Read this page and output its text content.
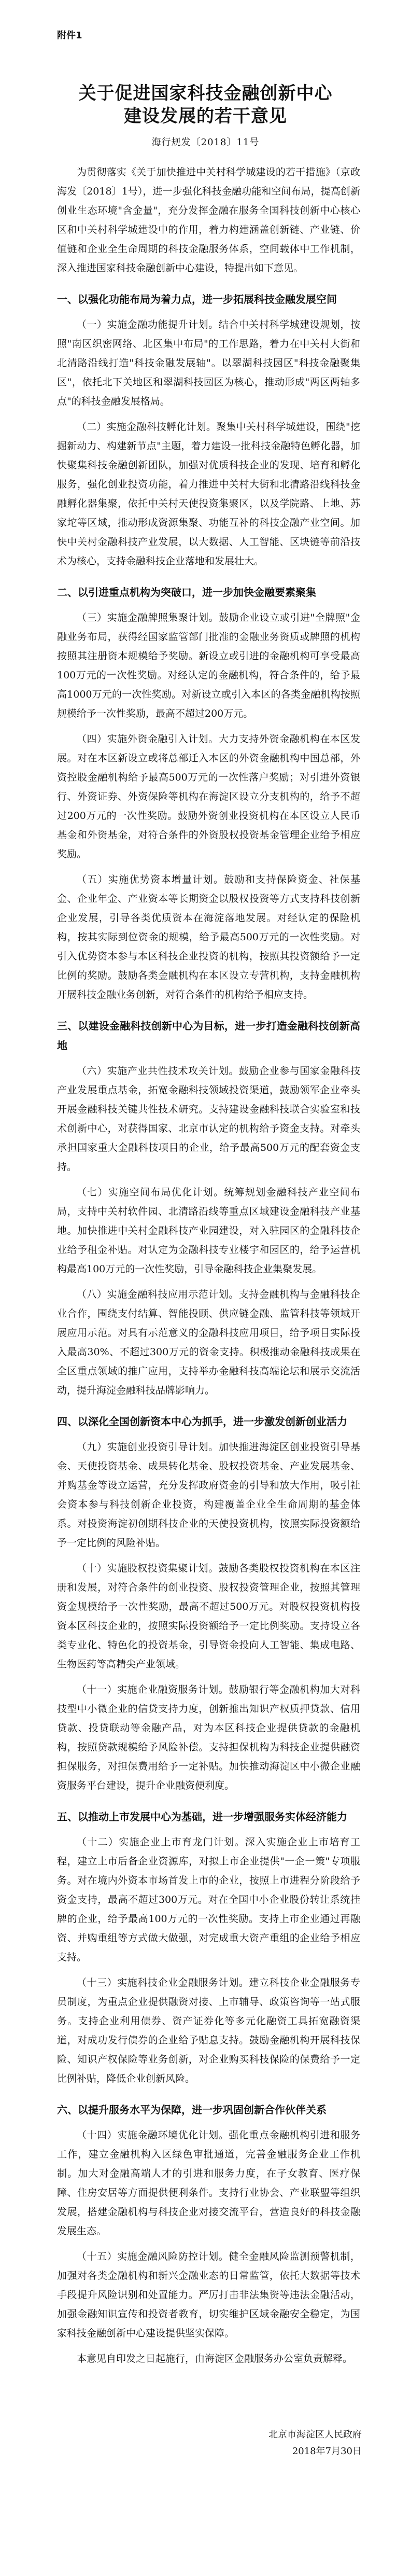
附件1
关于促进国家科技金融创新中心
建设发展的若干意见
海行规发〔2018〕11号

为贯彻落实《关于加快推进中关村科学城建设的若干措施》（京政海发〔2018〕1号），进一步强化科技金融功能和空间布局，提高创新创业生态环境"含金量"，充分发挥金融在服务全国科技创新中心核心区和中关村科学城建设中的作用，着力构建涵盖创新链、产业链、价值链和企业全生命周期的科技金融服务体系，空间载体中工作机制，深入推进国家科技金融创新中心建设，特提出如下意见。

一、以强化功能布局为着力点，进一步拓展科技金融发展空间

（一）实施金融功能提升计划。结合中关村科学城建设规划，按照"南区织密网络、北区集中布局"的工作思路，着力在中关村大街和北清路沿线打造"科技金融发展轴"。以翠湖科技园区"科技金融聚集区"，依托北下关地区和翠湖科技园区为核心，推动形成"两区两轴多点"的科技金融发展格局。

（二）实施金融科技孵化计划。聚集中关村科学城建设，围绕"挖掘新动力、构建新节点"主题，着力建设一批科技金融特色孵化器，加快聚集科技金融创新团队，加强对优质科技企业的发现、培育和孵化服务，强化创业投资功能，着力推进中关村大街和北清路沿线科技金融孵化器集聚，依托中关村天使投资集聚区，以及学院路、上地、苏家坨等区域，推动形成资源集聚、功能互补的科技金融产业空间。加快中关村金融科技产业发展，以大数据、人工智能、区块链等前沿技术为核心，支持金融科技企业落地和发展壮大。

二、以引进重点机构为突破口，进一步加快金融要素聚集

（三）实施金融牌照集聚计划。鼓励企业设立或引进"全牌照"金融业务布局，获得经国家监管部门批准的金融业务资质或牌照的机构按照其注册资本规模给予奖励。新设立或引进的金融机构可享受最高100万元的一次性奖励。对经认定的金融机构，符合条件的，给予最高1000万元的一次性奖励。对新设立或引入本区的各类金融机构按照规模给予一次性奖励，最高不超过200万元。

（四）实施外资金融引入计划。大力支持外资金融机构在本区发展。对在本区新设立或将总部迁入本区的外资金融机构中国总部，外资控股金融机构给予最高500万元的一次性落户奖励；对引进外资银行、外资证券、外资保险等机构在海淀区设立分支机构的，给予不超过200万元的一次性奖励。鼓励外资创业投资机构在本区设立人民币基金和外资基金，对符合条件的外资股权投资基金管理企业给予相应奖励。

（五）实施优势资本增量计划。鼓励和支持保险资金、社保基金、企业年金、产业资本等长期资金以股权投资等方式支持科技创新企业发展，引导各类优质资本在海淀落地发展。对经认定的保险机构，按其实际到位资金的规模，给予最高500万元的一次性奖励。对引入优势资本参与本区科技企业投资的机构，按照其投资额给予一定比例的奖励。鼓励各类金融机构在本区设立专营机构，支持金融机构开展科技金融业务创新，对符合条件的机构给予相应支持。

三、以建设金融科技创新中心为目标，进一步打造金融科技创新高地

（六）实施产业共性技术攻关计划。鼓励企业参与国家金融科技产业发展重点基金，拓宽金融科技领域投资渠道，鼓励领军企业牵头开展金融科技关键共性技术研究。支持建设金融科技联合实验室和技术创新中心，对获得国家、北京市认定的机构给予资金支持。对牵头承担国家重大金融科技项目的企业，给予最高500万元的配套资金支持。

（七）实施空间布局优化计划。统筹规划金融科技产业空间布局，支持中关村软件园、北清路沿线等重点区域建设金融科技产业基地。加快推进中关村金融科技产业园建设，对入驻园区的金融科技企业给予租金补贴。对认定为金融科技专业楼宇和园区的，给予运营机构最高100万元的一次性奖励，引导金融科技企业集聚发展。

（八）实施金融科技应用示范计划。支持金融机构与金融科技企业合作，围绕支付结算、智能投顾、供应链金融、监管科技等领域开展应用示范。对具有示范意义的金融科技应用项目，给予项目实际投入最高30%、不超过300万元的资金支持。积极推动金融科技成果在全区重点领域的推广应用，支持举办金融科技高端论坛和展示交流活动，提升海淀金融科技品牌影响力。

四、以深化全国创新资本中心为抓手，进一步激发创新创业活力

（九）实施创业投资引导计划。加快推进海淀区创业投资引导基金、天使投资基金、成果转化基金、股权投资基金、产业发展基金、并购基金等设立运营，充分发挥政府资金的引导和放大作用，吸引社会资本参与科技创新企业投资，构建覆盖企业全生命周期的基金体系。对投资海淀初创期科技企业的天使投资机构，按照实际投资额给予一定比例的风险补贴。

（十）实施股权投资集聚计划。鼓励各类股权投资机构在本区注册和发展，对符合条件的创业投资、股权投资管理企业，按照其管理资金规模给予一次性奖励，最高不超过500万元。对股权投资机构投资本区科技企业的，按照实际投资额给予一定比例奖励。支持设立各类专业化、特色化的投资基金，引导资金投向人工智能、集成电路、生物医药等高精尖产业领域。

（十一）实施企业融资服务计划。鼓励银行等金融机构加大对科技型中小微企业的信贷支持力度，创新推出知识产权质押贷款、信用贷款、投贷联动等金融产品，对为本区科技企业提供贷款的金融机构，按照贷款规模给予风险补偿。支持担保机构为科技企业提供融资担保服务，对担保费用给予一定补贴。加快推动海淀区中小微企业融资服务平台建设，提升企业融资便利度。

五、以推动上市发展中心为基础，进一步增强服务实体经济能力

（十二）实施企业上市育龙门计划。深入实施企业上市培育工程，建立上市后备企业资源库，对拟上市企业提供"一企一策"专项服务。对在境内外资本市场首发上市的企业，按照上市进程分阶段给予资金支持，最高不超过300万元。对在全国中小企业股份转让系统挂牌的企业，给予最高100万元的一次性奖励。支持上市企业通过再融资、并购重组等方式做大做强，对完成重大资产重组的企业给予相应支持。

（十三）实施科技企业金融服务计划。建立科技企业金融服务专员制度，为重点企业提供融资对接、上市辅导、政策咨询等一站式服务。支持企业利用债券、资产证券化等多元化融资工具拓宽融资渠道，对成功发行债券的企业给予贴息支持。鼓励金融机构开展科技保险、知识产权保险等业务创新，对企业购买科技保险的保费给予一定比例补贴，降低企业创新风险。

六、以提升服务水平为保障，进一步巩固创新合作伙伴关系

（十四）实施金融环境优化计划。强化重点金融机构引进和服务工作，建立金融机构入区绿色审批通道，完善金融服务企业工作机制。加大对金融高端人才的引进和服务力度，在子女教育、医疗保障、住房安居等方面提供便利条件。支持行业协会、产业联盟等组织发展，搭建金融机构与科技企业对接交流平台，营造良好的科技金融发展生态。

（十五）实施金融风险防控计划。健全金融风险监测预警机制，加强对各类金融机构和新兴金融业态的日常监管，依托大数据等技术手段提升风险识别和处置能力。严厉打击非法集资等违法金融活动，加强金融知识宣传和投资者教育，切实维护区域金融安全稳定，为国家科技金融创新中心建设提供坚实保障。

本意见自印发之日起施行，由海淀区金融服务办公室负责解释。

北京市海淀区人民政府
2018年7月30日
